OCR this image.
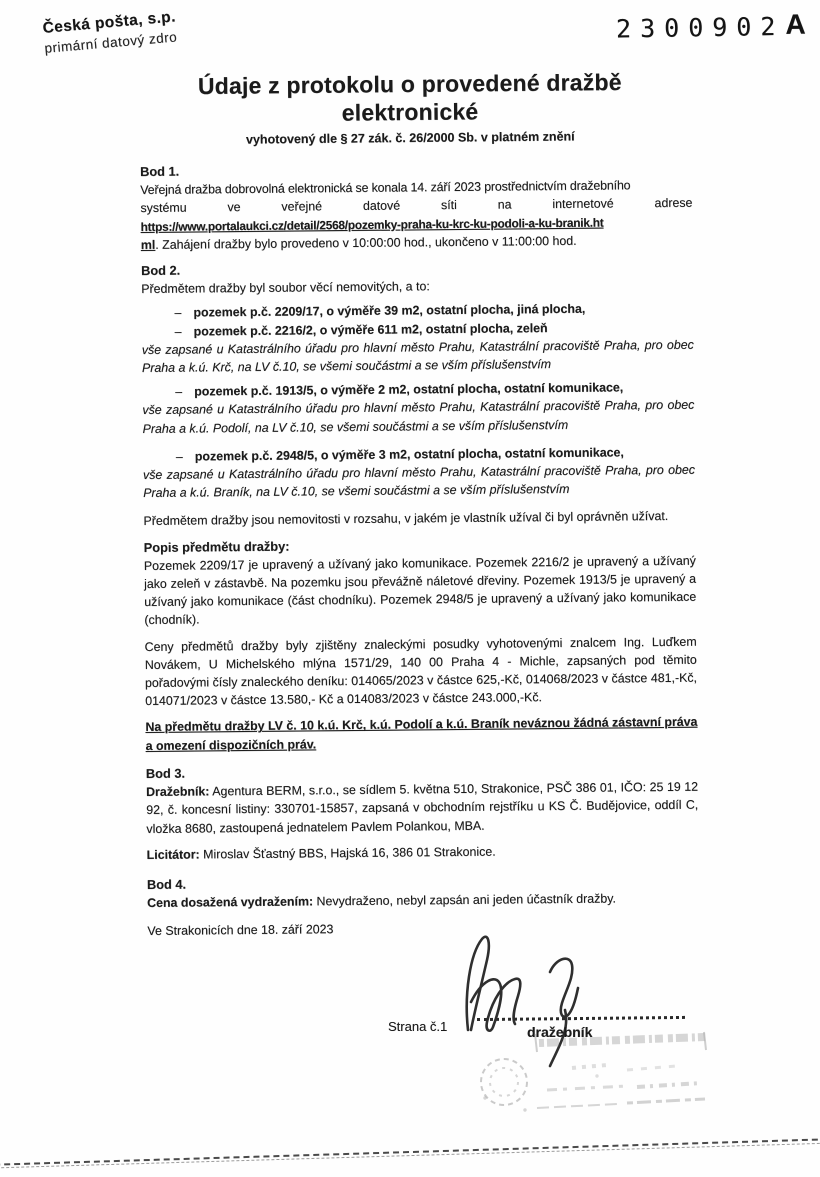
Česká pošta, s.p.
primární datový zdro	2300902A
Údaje z protokolu o provedené dražbě
elektronické
vyhotovený dle § 27 zák. č. 26/2000 Sb. v platném znění
Bod 1.
Veřejná dražba dobrovolná elektronická se konala 14. září 2023 prostřednictvím dražebního
systému ve veřejné datové síti na internetové adrese
https://www.portalaukci.cz/detail/2568/pozemky-praha-ku-krc-ku-podoli-a-ku-branik.ht
ml. Zahájení dražby bylo provedeno v 10:00:00 hod., ukončeno v 11:00:00 hod.
Bod 2.

Předmětem dražby byl soubor věcí nemovitých, a to:

– pozemek p.č. 2209/17, o výměře 39 m2, ostatní plocha, jiná plocha,
– pozemek p.č. 2216/2, o výměře 611 m2, ostatní plocha, zeleň

vše zapsané u Katastrálního úřadu pro hlavní město Prahu, Katastrální pracoviště Praha, pro obec Praha a k.ú. Krč, na LV č.10, se všemi součástmi a se vším příslušenstvím

– pozemek p.č. 1913/5, o výměře 2 m2, ostatní plocha, ostatní komunikace,

vše zapsané u Katastrálního úřadu pro hlavní město Prahu, Katastrální pracoviště Praha, pro obec Praha a k.ú. Podolí, na LV č.10, se všemi součástmi a se vším příslušenstvím

– pozemek p.č. 2948/5, o výměře 3 m2, ostatní plocha, ostatní komunikace,

vše zapsané u Katastrálního úřadu pro hlavní město Prahu, Katastrální pracoviště Praha, pro obec Praha a k.ú. Braník, na LV č.10, se všemi součástmi a se vším příslušenstvím

Předmětem dražby jsou nemovitosti v rozsahu, v jakém je vlastník užíval či byl oprávněn užívat.

Popis předmětu dražby:

Pozemek 2209/17 je upravený a užívaný jako komunikace. Pozemek 2216/2 je upravený a užívaný jako zeleň v zástavbě. Na pozemku jsou převážně náletové dřeviny. Pozemek 1913/5 je upravený a užívaný jako komunikace (část chodníku). Pozemek 2948/5 je upravený a užívaný jako komunikace (chodník).

Ceny předmětů dražby byly zjištěny znaleckými posudky vyhotovenými znalcem Ing. Luďkem Novákem, U Michelského mlýna 1571/29, 140 00 Praha 4 - Michle, zapsaných pod těmito pořadovými čísly znaleckého deníku: 014065/2023 v částce 625,-Kč, 014068/2023 v částce 481,-Kč, 014071/2023 v částce 13.580,- Kč a 014083/2023 v částce 243.000,-Kč.

Na předmětu dražby LV č. 10 k.ú. Krč, k.ú. Podolí a k.ú. Braník neváznou žádná zástavní práva a omezení dispozičních práv.

Bod 3.

Dražebník: Agentura BERM, s.r.o., se sídlem 5. května 510, Strakonice, PSČ 386 01, IČO: 25 19 12 92, č. koncesní listiny: 330701-15857, zapsaná v obchodním rejstříku u KS Č. Budějovice, oddíl C, vložka 8680, zastoupená jednatelem Pavlem Polankou, MBA.

Licitátor: Miroslav Šťastný BBS, Hajská 16, 386 01 Strakonice.

Bod 4.

Cena dosažená vydražením: Nevydraženo, nebyl zapsán ani jeden účastník dražby.

Ve Strakonicích dne 18. září 2023

dražebník
Strana č.1
